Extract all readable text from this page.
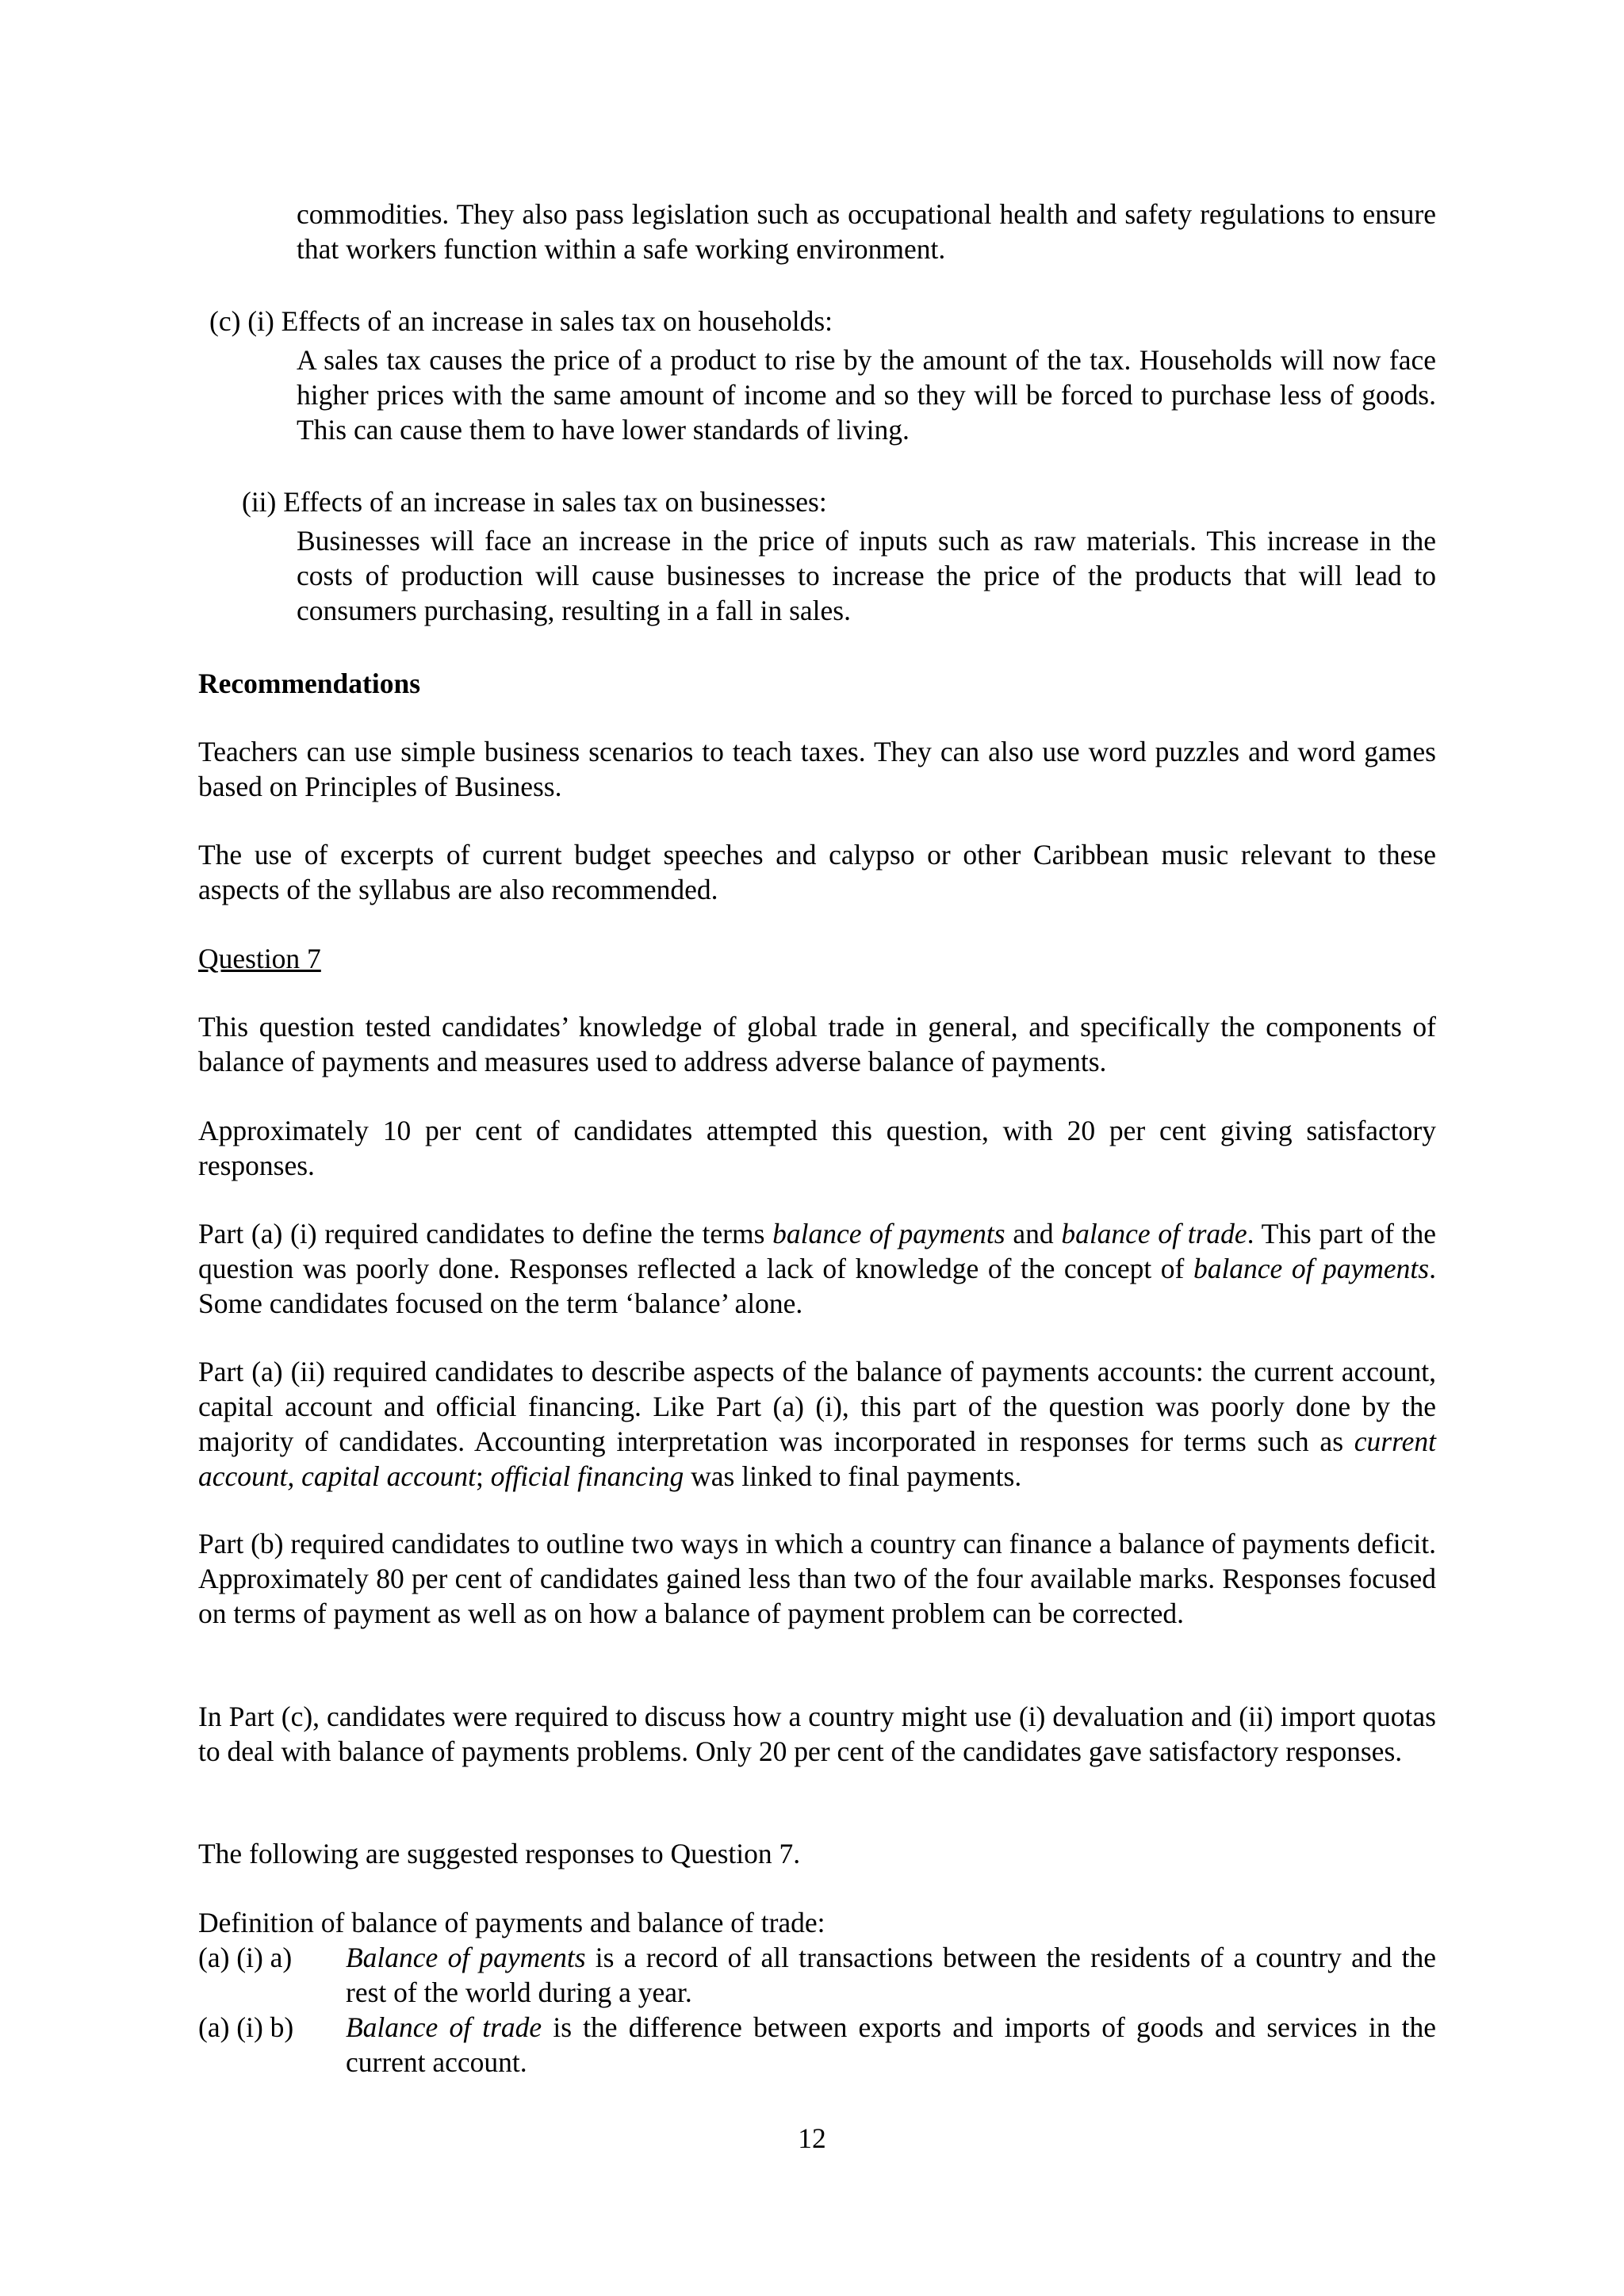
commodities. They also pass legislation such as occupational health and safety regulations to ensure that workers function within a safe working environment.

(c) (i) Effects of an increase in sales tax on households:

A sales tax causes the price of a product to rise by the amount of the tax. Households will now face higher prices with the same amount of income and so they will be forced to purchase less of goods. This can cause them to have lower standards of living.

(ii) Effects of an increase in sales tax on businesses:

Businesses will face an increase in the price of inputs such as raw materials. This increase in the costs of production will cause businesses to increase the price of the products that will lead to consumers purchasing, resulting in a fall in sales.

Recommendations

Teachers can use simple business scenarios to teach taxes. They can also use word puzzles and word games based on Principles of Business.

The use of excerpts of current budget speeches and calypso or other Caribbean music relevant to these aspects of the syllabus are also recommended.

Question 7

This question tested candidates’ knowledge of global trade in general, and specifically the components of balance of payments and measures used to address adverse balance of payments.

Approximately 10 per cent of candidates attempted this question, with 20 per cent giving satisfactory responses.

Part (a) (i) required candidates to define the terms balance of payments and balance of trade. This part of the question was poorly done. Responses reflected a lack of knowledge of the concept of balance of payments. Some candidates focused on the term ‘balance’ alone.

Part (a) (ii) required candidates to describe aspects of the balance of payments accounts: the current account, capital account and official financing. Like Part (a) (i), this part of the question was poorly done by the majority of candidates. Accounting interpretation was incorporated in responses for terms such as current account, capital account; official financing was linked to final payments.

Part (b) required candidates to outline two ways in which a country can finance a balance of payments deficit. Approximately 80 per cent of candidates gained less than two of the four available marks. Responses focused on terms of payment as well as on how a balance of payment problem can be corrected.

In Part (c), candidates were required to discuss how a country might use (i) devaluation and (ii) import quotas to deal with balance of payments problems. Only 20 per cent of the candidates gave satisfactory responses.

The following are suggested responses to Question 7.

Definition of balance of payments and balance of trade:

(a) (i) a)	Balance of payments is a record of all transactions between the residents of a country and the rest of the world during a year.
(a) (i) b)	Balance of trade is the difference between exports and imports of goods and services in the current account.
12
